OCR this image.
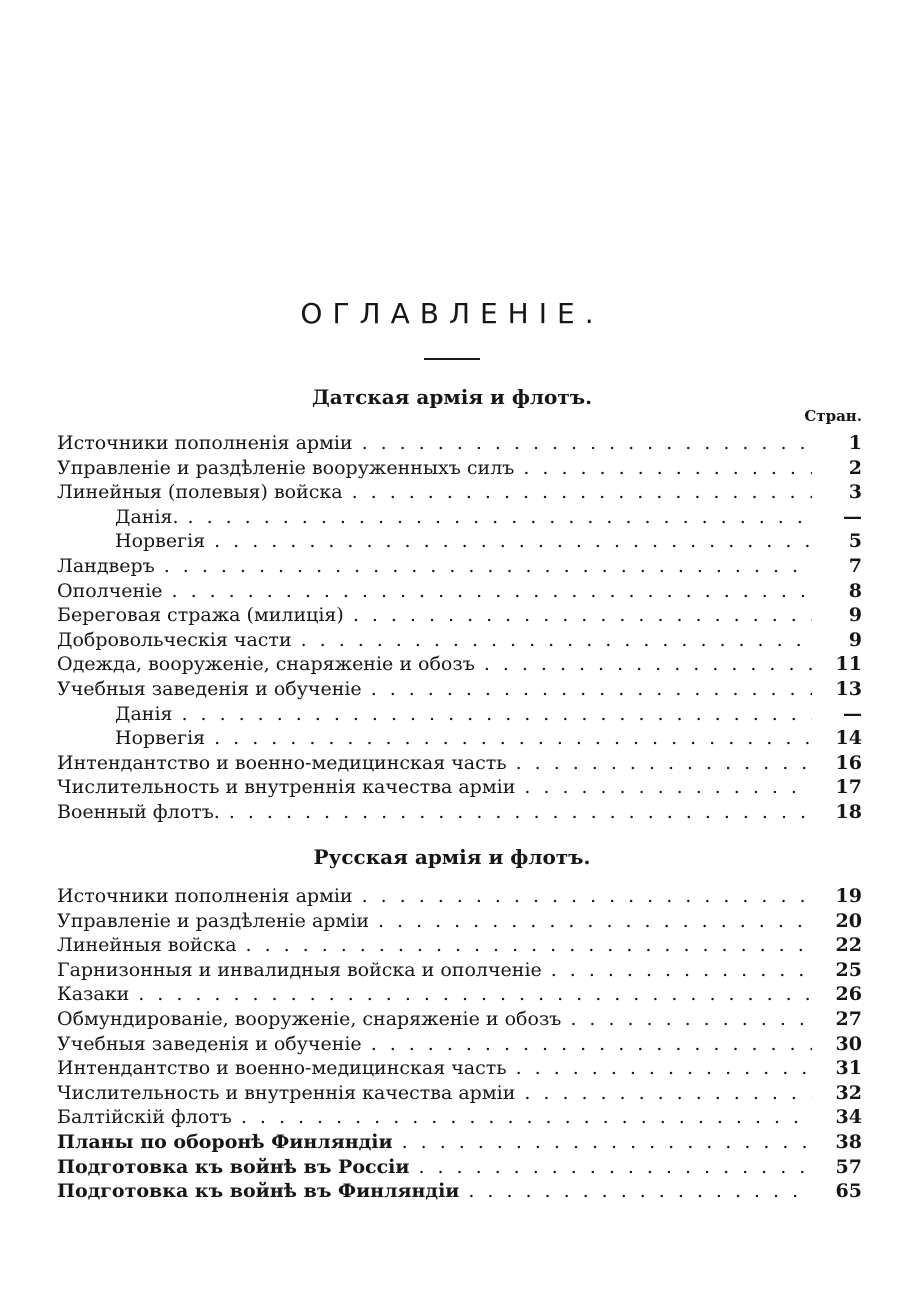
ОГЛАВЛЕНІЕ.
Датская армія и флотъ.
Стран.
Источники пополненія арміи .....	1
Управленіе и раздѣленіе вооруженныхъ силъ .....	2
Линейныя (полевыя) войска .....	3
Данія. .....	—
Норвегія .....	5
Ландверъ .....	7
Ополченіе .....	8
Береговая стража (милиція) .....	9
Добровольческія части .....	9
Одежда, вооруженіе, снаряженіе и обозъ .....	11
Учебныя заведенія и обученіе .....	13
Данія .....	—
Норвегія .....	14
Интендантство и военно-медицинская часть .....	16
Числительность и внутреннія качества арміи .....	17
Военный флотъ. .....	18
Русская армія и флотъ.
Источники пополненія арміи .....	19
Управленіе и раздѣленіе арміи .....	20
Линейныя войска .....	22
Гарнизонныя и инвалидныя войска и ополченіе .....	25
Казаки .....	26
Обмундированіе, вооруженіе, снаряженіе и обозъ .....	27
Учебныя заведенія и обученіе .....	30
Интендантство и военно-медицинская часть .....	31
Числительность и внутреннія качества арміи .....	32
Балтійскій флотъ .....	34
Планы по оборонѣ Финляндіи .....	38
Подготовка къ войнѣ въ Россіи .....	57
Подготовка къ войнѣ въ Финляндіи .....	65
